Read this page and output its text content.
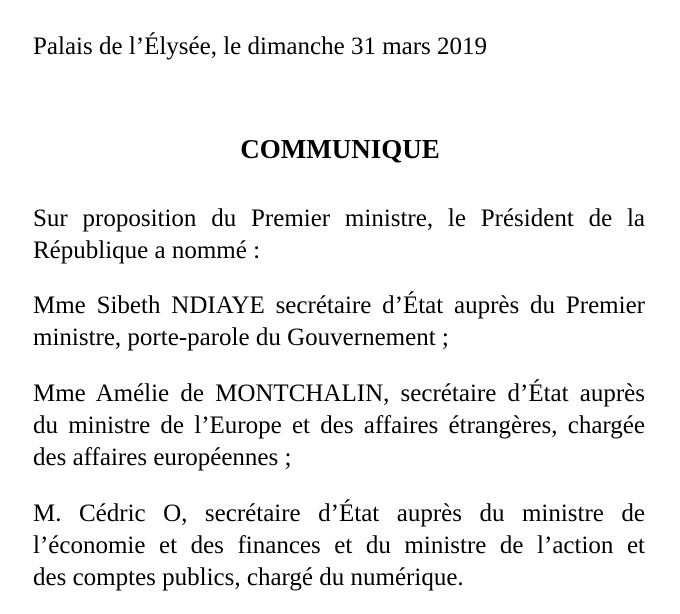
Palais de l’Élysée, le dimanche 31 mars 2019
COMMUNIQUE
Sur proposition du Premier ministre, le Président de la
République a nommé :
Mme Sibeth NDIAYE secrétaire d’État auprès du Premier
ministre, porte-parole du Gouvernement ;
Mme Amélie de MONTCHALIN, secrétaire d’État auprès
du ministre de l’Europe et des affaires étrangères, chargée
des affaires européennes ;
M. Cédric O, secrétaire d’État auprès du ministre de
l’économie et des finances et du ministre de l’action et
des comptes publics, chargé du numérique.
